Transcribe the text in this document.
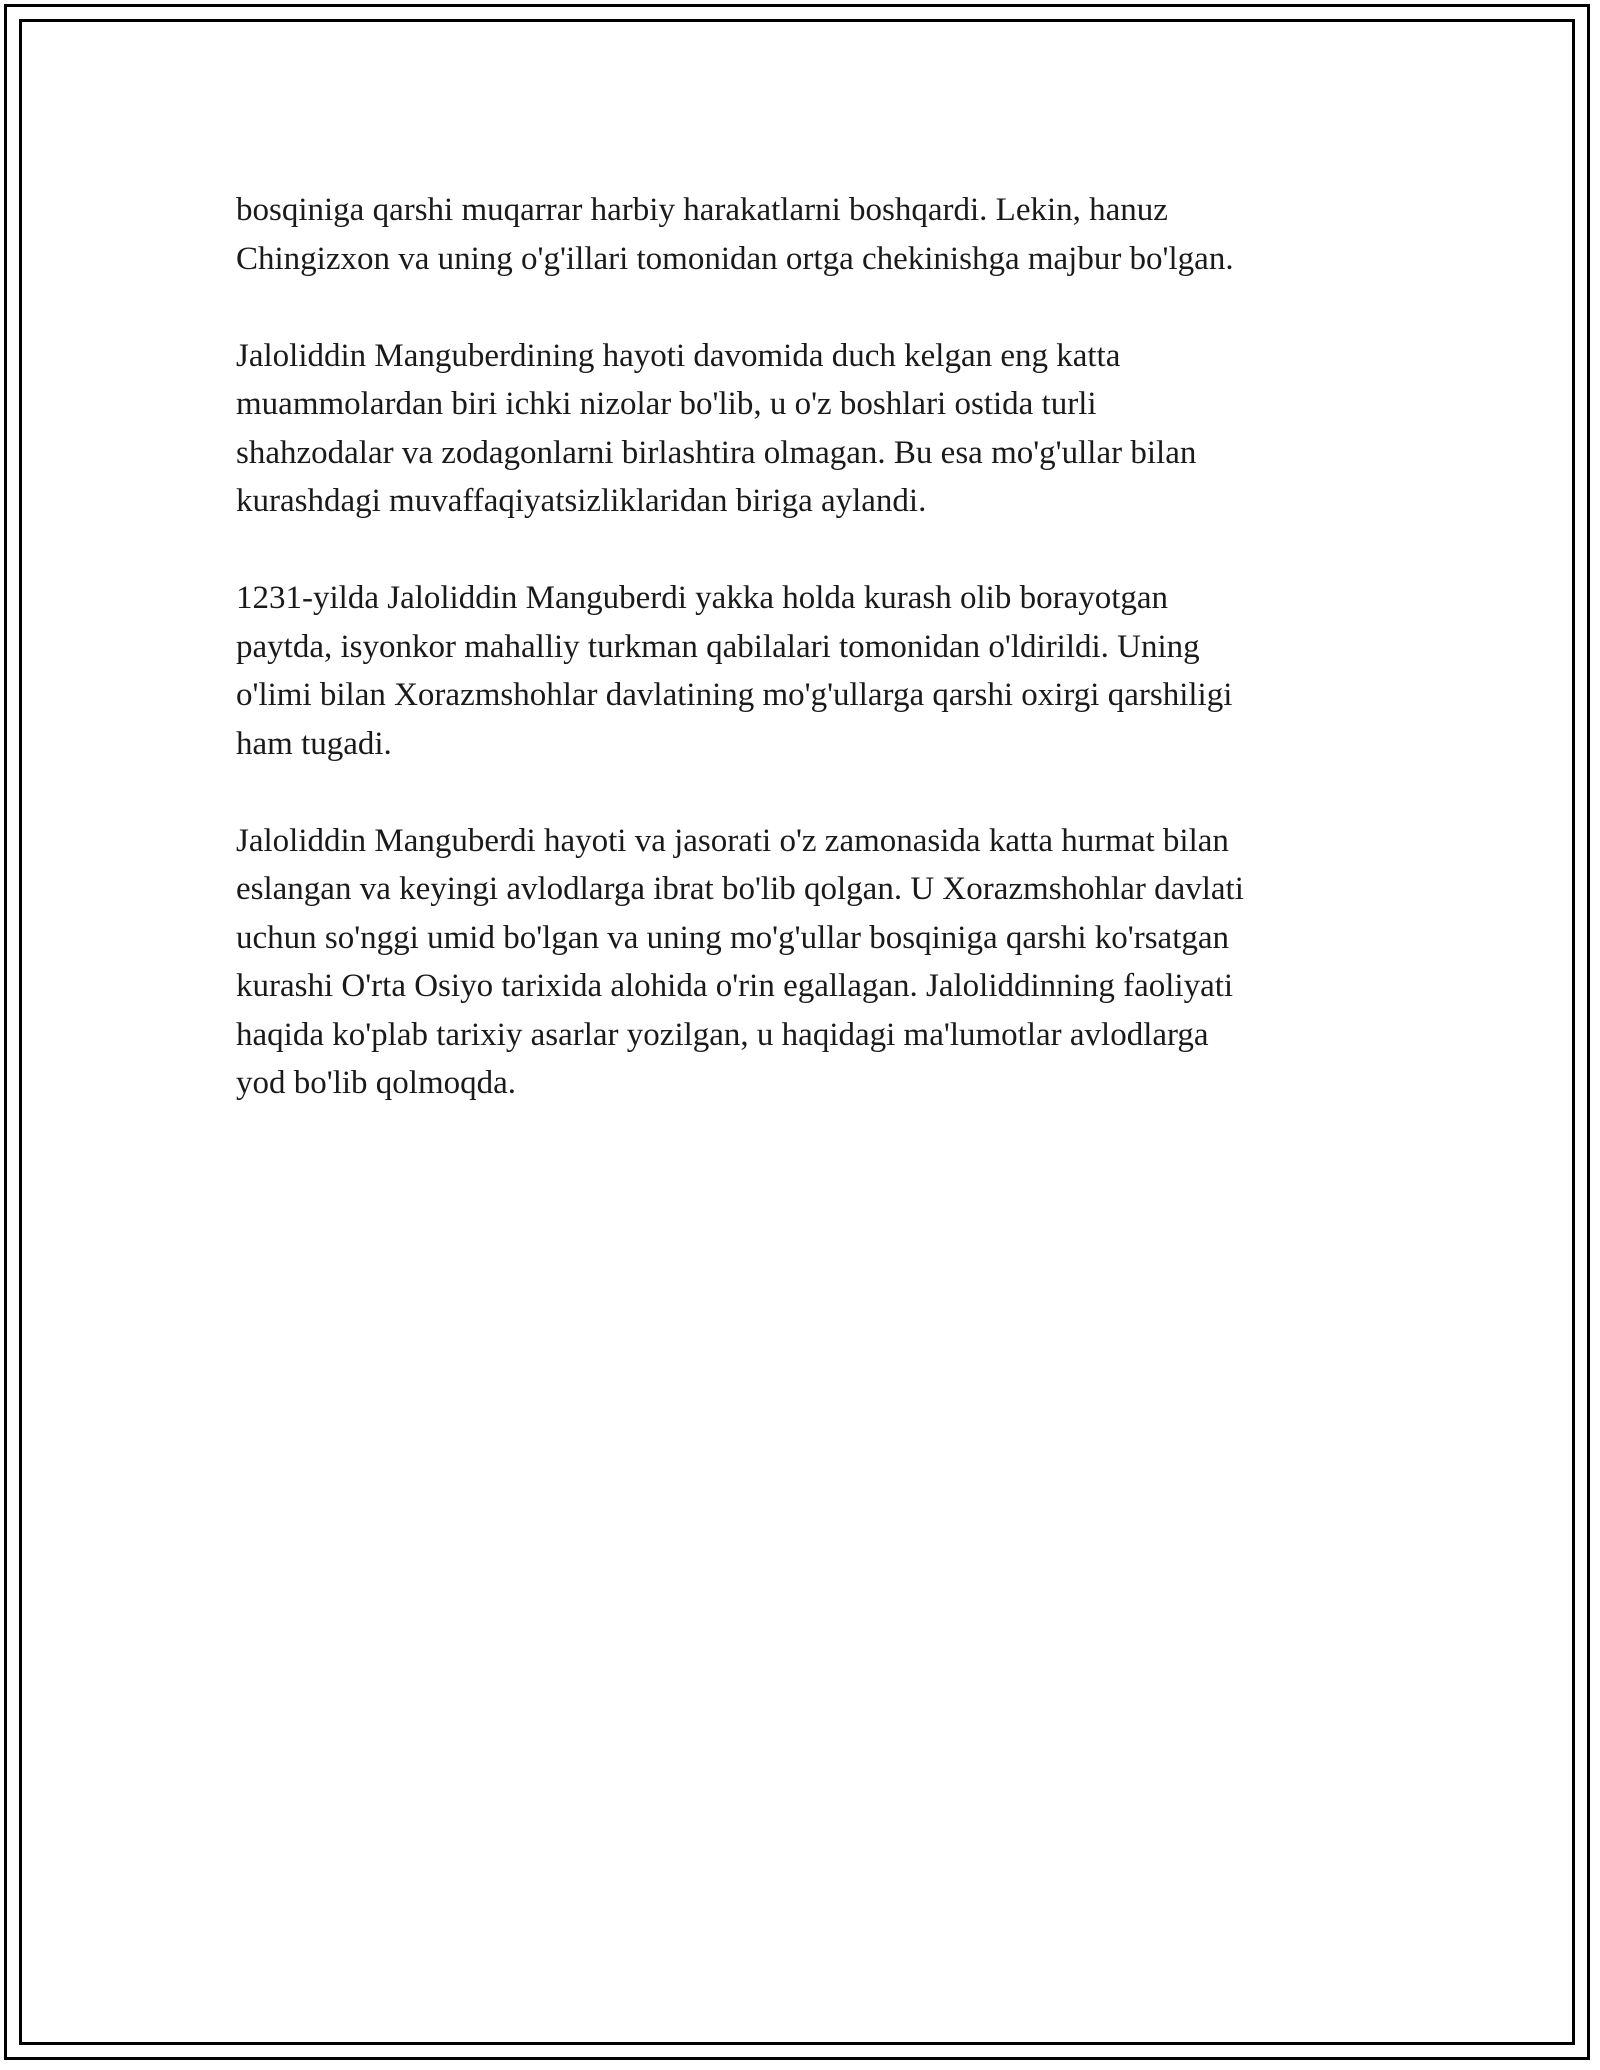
bosqiniga qarshi muqarrar harbiy harakatlarni boshqardi. Lekin, hanuz
Chingizxon va uning o'g'illari tomonidan ortga chekinishga majbur bo'lgan.

Jaloliddin Manguberdining hayoti davomida duch kelgan eng katta
muammolardan biri ichki nizolar bo'lib, u o'z boshlari ostida turli
shahzodalar va zodagonlarni birlashtira olmagan. Bu esa mo'g'ullar bilan
kurashdagi muvaffaqiyatsizliklaridan biriga aylandi.

1231-yilda Jaloliddin Manguberdi yakka holda kurash olib borayotgan
paytda, isyonkor mahalliy turkman qabilalari tomonidan o'ldirildi. Uning
o'limi bilan Xorazmshohlar davlatining mo'g'ullarga qarshi oxirgi qarshiligi
ham tugadi.

Jaloliddin Manguberdi hayoti va jasorati o'z zamonasida katta hurmat bilan
eslangan va keyingi avlodlarga ibrat bo'lib qolgan. U Xorazmshohlar davlati
uchun so'nggi umid bo'lgan va uning mo'g'ullar bosqiniga qarshi ko'rsatgan
kurashi O'rta Osiyo tarixida alohida o'rin egallagan. Jaloliddinning faoliyati
haqida ko'plab tarixiy asarlar yozilgan, u haqidagi ma'lumotlar avlodlarga
yod bo'lib qolmoqda.
